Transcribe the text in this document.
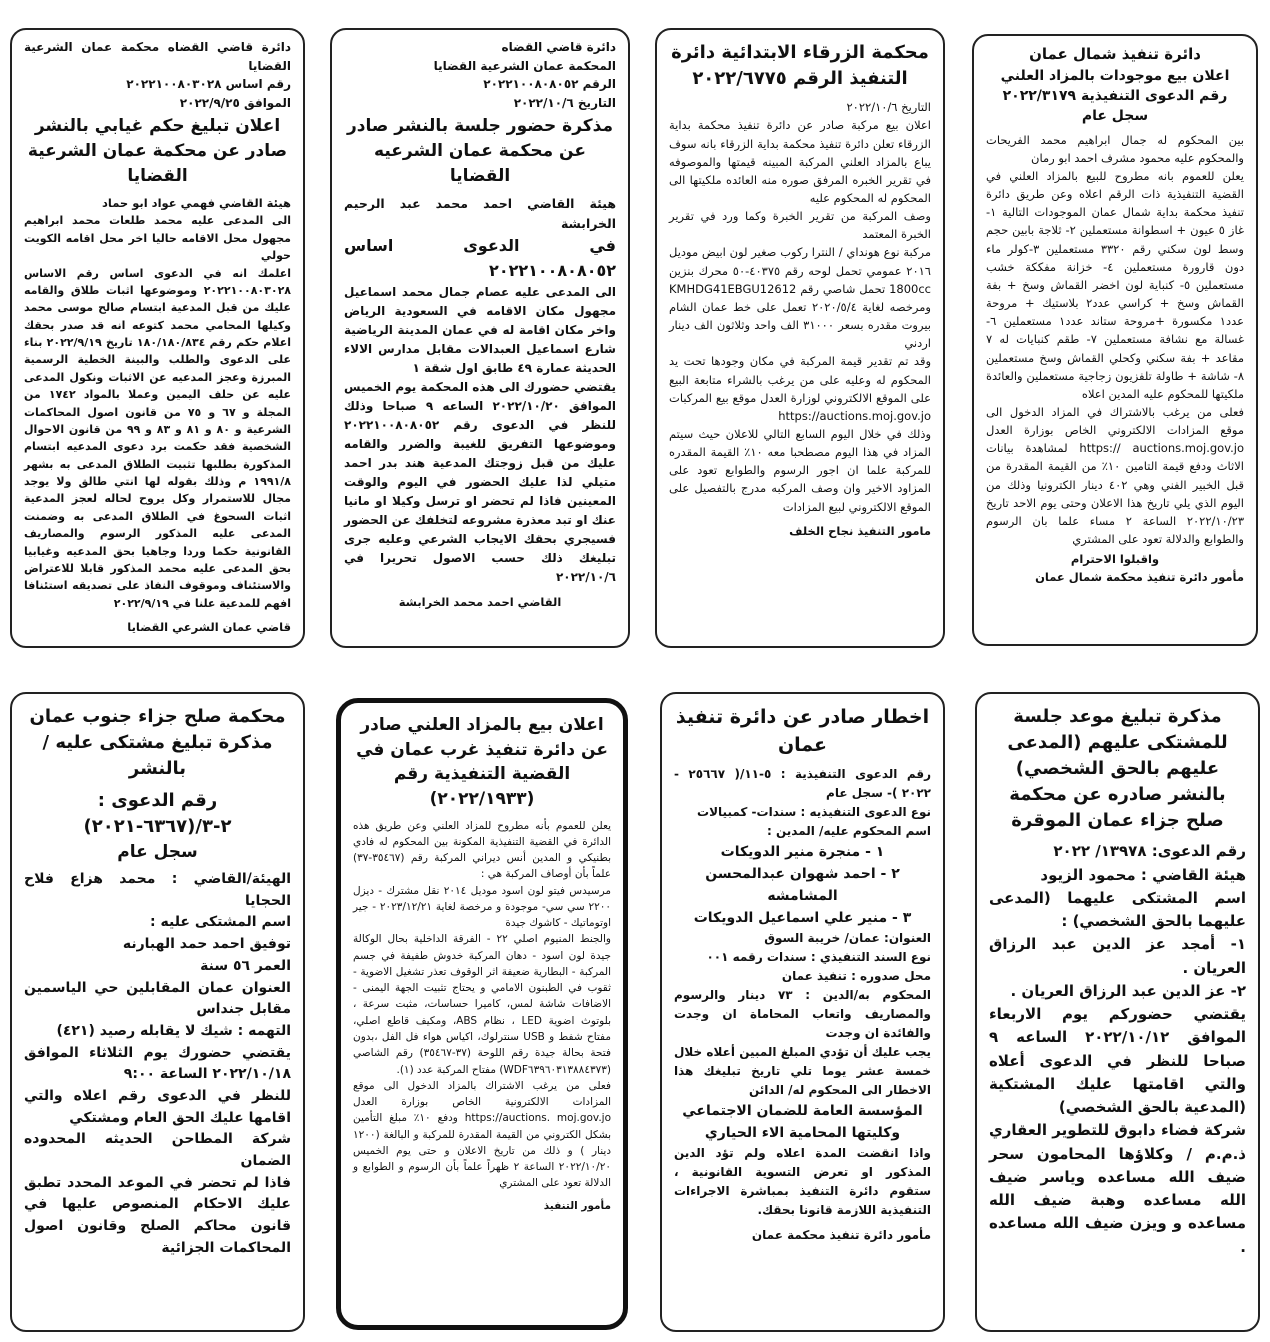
دائرة تنفيذ شمال عمان
اعلان بيع موجودات بالمزاد العلني
رقم الدعوى التنفيذية ٢٠٢٢/٣١٧٩ سجل عام

بين المحكوم له جمال ابراهيم محمد الفريحات والمحكوم عليه محمود مشرف احمد ابو رمان

يعلن للعموم بانه مطروح للبيع بالمزاد العلني في القضية التنفيذية ذات الرقم اعلاه وعن طريق دائرة تنفيذ محكمة بداية شمال عمان الموجودات التالية ١- غاز ٥ عيون + اسطوانة مستعملين ٢- ثلاجة بابين حجم وسط لون سكني رقم ٣٣٢٠ مستعملين ٣-كولر ماء دون قارورة مستعملين ٤- خزانة مفككة خشب مستعملين ٥- كنباية لون اخضر القماش وسخ + بفة القماش وسخ + كراسي عدد٢ بلاستيك + مروحة عدد١ مكسورة +مروحة ستاند عدد١ مستعملين ٦- غسالة مع نشافة مستعملين ٧- طقم كنبايات له ٧ مقاعد + بفة سكني وكحلي القماش وسخ مستعملين ٨- شاشة + طاولة تلفزيون زجاجية مستعملين والعائدة ملكيتها للمحكوم عليه المدين اعلاه

فعلى من يرغب بالاشتراك في المزاد الدخول الى موقع المزادات الالكتروني الخاص بوزارة العدل https:// auctions.moj.gov.jo لمشاهدة بيانات الاثاث ودفع قيمة التامين ١٠٪ من القيمة المقدرة من قبل الخبير الفني وهي ٤٠٢ دينار الكترونيا وذلك من اليوم الذي يلي تاريخ هذا الاعلان وحتى يوم الاحد تاريخ ٢٠٢٢/١٠/٢٣ الساعة ٢ مساء علما بان الرسوم والطوابع والدلالة تعود على المشتري

واقبلوا الاحترام

مأمور دائرة تنفيذ محكمة شمال عمان

محكمة الزرقاء الابتدائية دائرة التنفيذ الرقم ٢٠٢٢/٦٧٧٥

التاريخ ٢٠٢٢/١٠/٦

اعلان بيع مركبة صادر عن دائرة تنفيذ محكمة بداية الزرقاء تعلن دائرة تنفيذ محكمة بداية الزرقاء بانه سوف يباع بالمزاد العلني المركبة المبينه قيمتها والموصوفه في تقرير الخبره المرفق صوره منه العائده ملكيتها الى المحكوم له المحكوم عليه

وصف المركبة من تقرير الخبرة وكما ورد في تقرير الخبرة المعتمد

مركبة نوع هونداي / النترا ركوب صغير لون ابيض موديل ٢٠١٦ عمومي تحمل لوحه رقم ٤٠٣٧٥-٥٠ محرك بنزين 1800cc تحمل شاصي رقم KMHDG41EBGU12612 ومرخصه لغاية ٢٠٢٠/٥/٤ تعمل على خط عمان الشام بيروت مقدره بسعر ٣١٠٠٠ الف واحد وثلاثون الف دينار اردني

وقد تم تقدير قيمة المركبة في مكان وجودها تحت يد المحكوم له وعليه على من يرغب بالشراء متابعة البيع على الموقع الالكتروني لوزارة العدل موقع بيع المركبات https://auctions.moj.gov.jo

وذلك في خلال اليوم السابع التالي للاعلان حيث سيتم المزاد في هذا اليوم مصطحبا معه ١٠٪ القيمة المقدره للمركبة علما ان اجور الرسوم والطوابع تعود على المزاود الاخير وان وصف المركبه مدرج بالتفصيل على الموقع الالكتروني لبيع المزادات

مامور التنفيذ نجاح الخلف

دائرة قاضي القضاه

المحكمة عمان الشرعية القضايا

الرقم ٢٠٢٢١٠٠٨٠٨٠٥٢

التاريخ ٢٠٢٢/١٠/٦

مذكرة حضور جلسة بالنشر صادر عن محكمة عمان الشرعيه القضايا

هيئة القاضي احمد محمد عبد الرحيم الخرابشة

في الدعوى اساس ٢٠٢٢١٠٠٨٠٨٠٥٢

الى المدعى عليه عصام جمال محمد اسماعيل مجهول مكان الاقامه في السعودية الرياض واخر مكان اقامة له في عمان المدينة الرياضية شارع اسماعيل العبدالات مقابل مدارس الالاء الحديثة عمارة ٤٩ طابق اول شقة ١

يقتضي حضورك الى هذه المحكمة يوم الخميس الموافق ٢٠٢٢/١٠/٢٠ الساعه ٩ صباحا وذلك للنظر في الدعوى رقم ٢٠٢٢١٠٠٨٠٨٠٥٢ وموضوعها التفريق للغيبة والضرر والقامه عليك من قبل زوجتك المدعية هند بدر احمد متيلي لذا عليك الحضور في اليوم والوقت المعينين فاذا لم تحضر او ترسل وكيلا او مانيا عنك او تبد معذرة مشروعه لتخلفك عن الحضور فسيجري بحقك الايجاب الشرعي وعليه جرى تبليغك ذلك حسب الاصول تحريرا في ٢٠٢٢/١٠/٦

القاضي احمد محمد الخرابشة

دائرة قاضي القضاه محكمة عمان الشرعية القضايا

رقم اساس ٢٠٢٢١٠٠٨٠٣٠٢٨

الموافق ٢٠٢٢/٩/٢٥

اعلان تبليغ حكم غيابي بالنشر صادر عن محكمة عمان الشرعية القضايا

هيئة القاضي فهمي عواد ابو حماد

الى المدعى عليه محمد طلعات محمد ابراهيم مجهول محل الاقامه حاليا اخر محل اقامه الكويت حولي

اعلمك انه في الدعوى اساس رقم الاساس ٢٠٢٢١٠٠٨٠٣٠٢٨ وموضوعها اثبات طلاق والقامه عليك من قبل المدعية ابتسام صالح موسى محمد وكيلها المحامي محمد كتوعه انه قد صدر بحقك اعلام حكم رقم ١٨٠/١٨٠/٨٣٤ تاريخ ٢٠٢٢/٩/١٩ بناء على الدعوى والطلب والبينة الخطية الرسمية المبرزة وعجز المدعيه عن الاثبات ونكول المدعى عليه عن حلف اليمين وعملا بالمواد ١٧٤٢ من المجلة و ٦٧ و ٧٥ من قانون اصول المحاكمات الشرعية و ٨٠ و ٨١ و ٨٣ و ٩٩ من قانون الاحوال الشخصية فقد حكمت برد دعوى المدعيه ابتسام المذكورة بطلبها تثبيت الطلاق المدعى به بشهر ١٩٩١/٨ م وذلك بقوله لها انتي طالق ولا يوجد مجال للاستمرار وكل يروح لحاله لعجز المدعية اثبات السحوغ في الطلاق المدعى به وضمنت المدعى عليه المذكور الرسوم والمصاريف القانونية حكما وردا وجاهيا بحق المدعيه وغيابيا بحق المدعى عليه محمد المذكور قابلا للاعتراض والاستئناف وموقوف النفاذ على تصديقه استئنافا افهم للمدعية علنا في ٢٠٢٢/٩/١٩

قاضي عمان الشرعي القضايا

مذكرة تبليغ موعد جلسة للمشتكى عليهم (المدعى عليهم بالحق الشخصي) بالنشر صادره عن محكمة صلح جزاء عمان الموقرة

رقم الدعوى: ١٣٩٧٨/ ٢٠٢٢

هيئة القاضي : محمود الزيود

اسم المشتكى عليهما (المدعى عليهما بالحق الشخصي) :

١- أمجد عز الدين عبد الرزاق العريان .

٢- عز الدين عبد الرزاق العريان .

يقتضي حضوركم يوم الاربعاء الموافق ٢٠٢٢/١٠/١٢ الساعه ٩ صباحا للنظر في الدعوى أعلاه والتي اقامتها عليك المشتكية (المدعية بالحق الشخصي)

شركة فضاء دابوق للتطوير العقاري ذ.م.م / وكلاؤها المحامون سحر ضيف الله مساعده وياسر ضيف الله مساعده وهبة ضيف الله مساعده و ويزن ضيف الله مساعده .

اخطار صادر عن دائرة تنفيذ عمان

رقم الدعوى التنفيذية : ٥-١١/( ٢٥٦٦٧ - ٢٠٢٢ )- سجل عام

نوع الدعوى التنفيذيه : سندات- كمبيالات

اسم المحكوم عليه/ المدين :

١ - منجرة منير الدويكات

٢ - احمد شهوان عبدالمحسن المشامشه

٣ - منير علي اسماعيل الدويكات

العنوان: عمان/ خريبة السوق

نوع السند التنفيذي : سندات رقمه ٠٠١

محل صدوره : تنفيذ عمان

المحكوم به/الدين : ٧٣ دينار والرسوم والمصاريف واتعاب المحاماة ان وجدت والفائدة ان وجدت

يجب عليك أن تؤدي المبلغ المبين أعلاه خلال خمسة عشر يوما تلي تاريخ تبليغك هذا الاخطار الى المحكوم له/ الدائن

المؤسسة العامة للضمان الاجتماعي وكليتها المحامية الاء الحياري

واذا انقضت المدة اعلاه ولم تؤد الدين المذكور او تعرض التسوية القانونية ، ستقوم دائرة التنفيذ بمباشرة الاجراءات التنفيذية اللازمة قانونا بحقك.

مأمور دائرة تنفيذ محكمة عمان

اعلان بيع بالمزاد العلني صادر عن دائرة تنفيذ غرب عمان في القضية التنفيذية رقم (٢٠٢٢/١٩٣٣)

يعلن للعموم بأنه مطروح للمزاد العلني وعن طريق هذه الدائرة في القضية التنفيذية المكونة بين المحكوم له فادي بطنيكي و المدين أنس ديراني المركبة رقم (٣٥٤٦٧-٣٧) علماً بأن أوصاف المركبة هي :

مرسيدس فيتو لون اسود موديل ٢٠١٤ نقل مشترك - ديزل ٢٢٠٠ سي سي- موجودة و مرخصة لغاية ٢٠٢٣/١٢/٢١ - جير اوتوماتيك - كاشوك جيدة

والجنط المنيوم اصلي ٢٢ - الفرقة الداخلية بحال الوكالة جيدة لون اسود - دهان المركبة خدوش طفيفة في جسم المركبة - البطارية ضعيفة اثر الوقوف تعذر تشغيل الاضوية - ثقوب في الطبنون الامامي و يحتاج تثبيت الجهة اليمنى - الاضافات شاشة لمس، كاميرا حساسات، مثبت سرعة ، بلوتوث اضوية LED ، نظام ABS، ومكيف قاطع اصلي، مفتاح شفط و USB سنترلوك، اكياس هواء فل الفل ،بدون فتحة بحالة جيدة رقم اللوحة (٣٧-٣٥٤٦٧) رقم الشاصي (WDF٦٣٩٦٠٣١٣٨٨٤٣٧٣) مفتاح المركبة عدد (١).

فعلى من يرغب الاشتراك بالمزاد الدخول الى موقع المزادات الالكترونية الخاص بوزارة العدل https://auctions. moj.gov.jo ودفع ١٠٪ مبلغ التأمين بشكل الكتروني من القيمة المقدرة للمركبة و البالغة (١٢٠٠ دينار ) و ذلك من تاريخ الاعلان و حتى يوم الخميس ٢٠٢٢/١٠/٢٠ الساعة ٢ ظهراً علماً بأن الرسوم و الطوابع و الدلالة تعود على المشتري

مأمور التنفيذ

محكمة صلح جزاء جنوب عمان مذكرة تبليغ مشتكى عليه / بالنشر
رقم الدعوى : ٢-٣/(٦٣٦٧-٢٠٢١)
سجل عام

الهيئة/القاضي : محمد هزاع فلاح الحجايا

اسم المشتكى عليه :

توفيق احمد حمد الهبارنه

العمر ٥٦ سنة

العنوان عمان المقابلين حي الياسمين مقابل جنداس

التهمه : شيك لا يقابله رصيد (٤٢١)

يقتضي حضورك يوم الثلاثاء الموافق ٢٠٢٢/١٠/١٨ الساعة ٩:٠٠

للنظر في الدعوى رقم اعلاه والتي اقامها عليك الحق العام ومشتكي

شركة المطاحن الحديثه المحدوده الضمان

فاذا لم تحضر في الموعد المحدد تطبق عليك الاحكام المنصوص عليها في قانون محاكم الصلح وقانون اصول المحاكمات الجزائية
